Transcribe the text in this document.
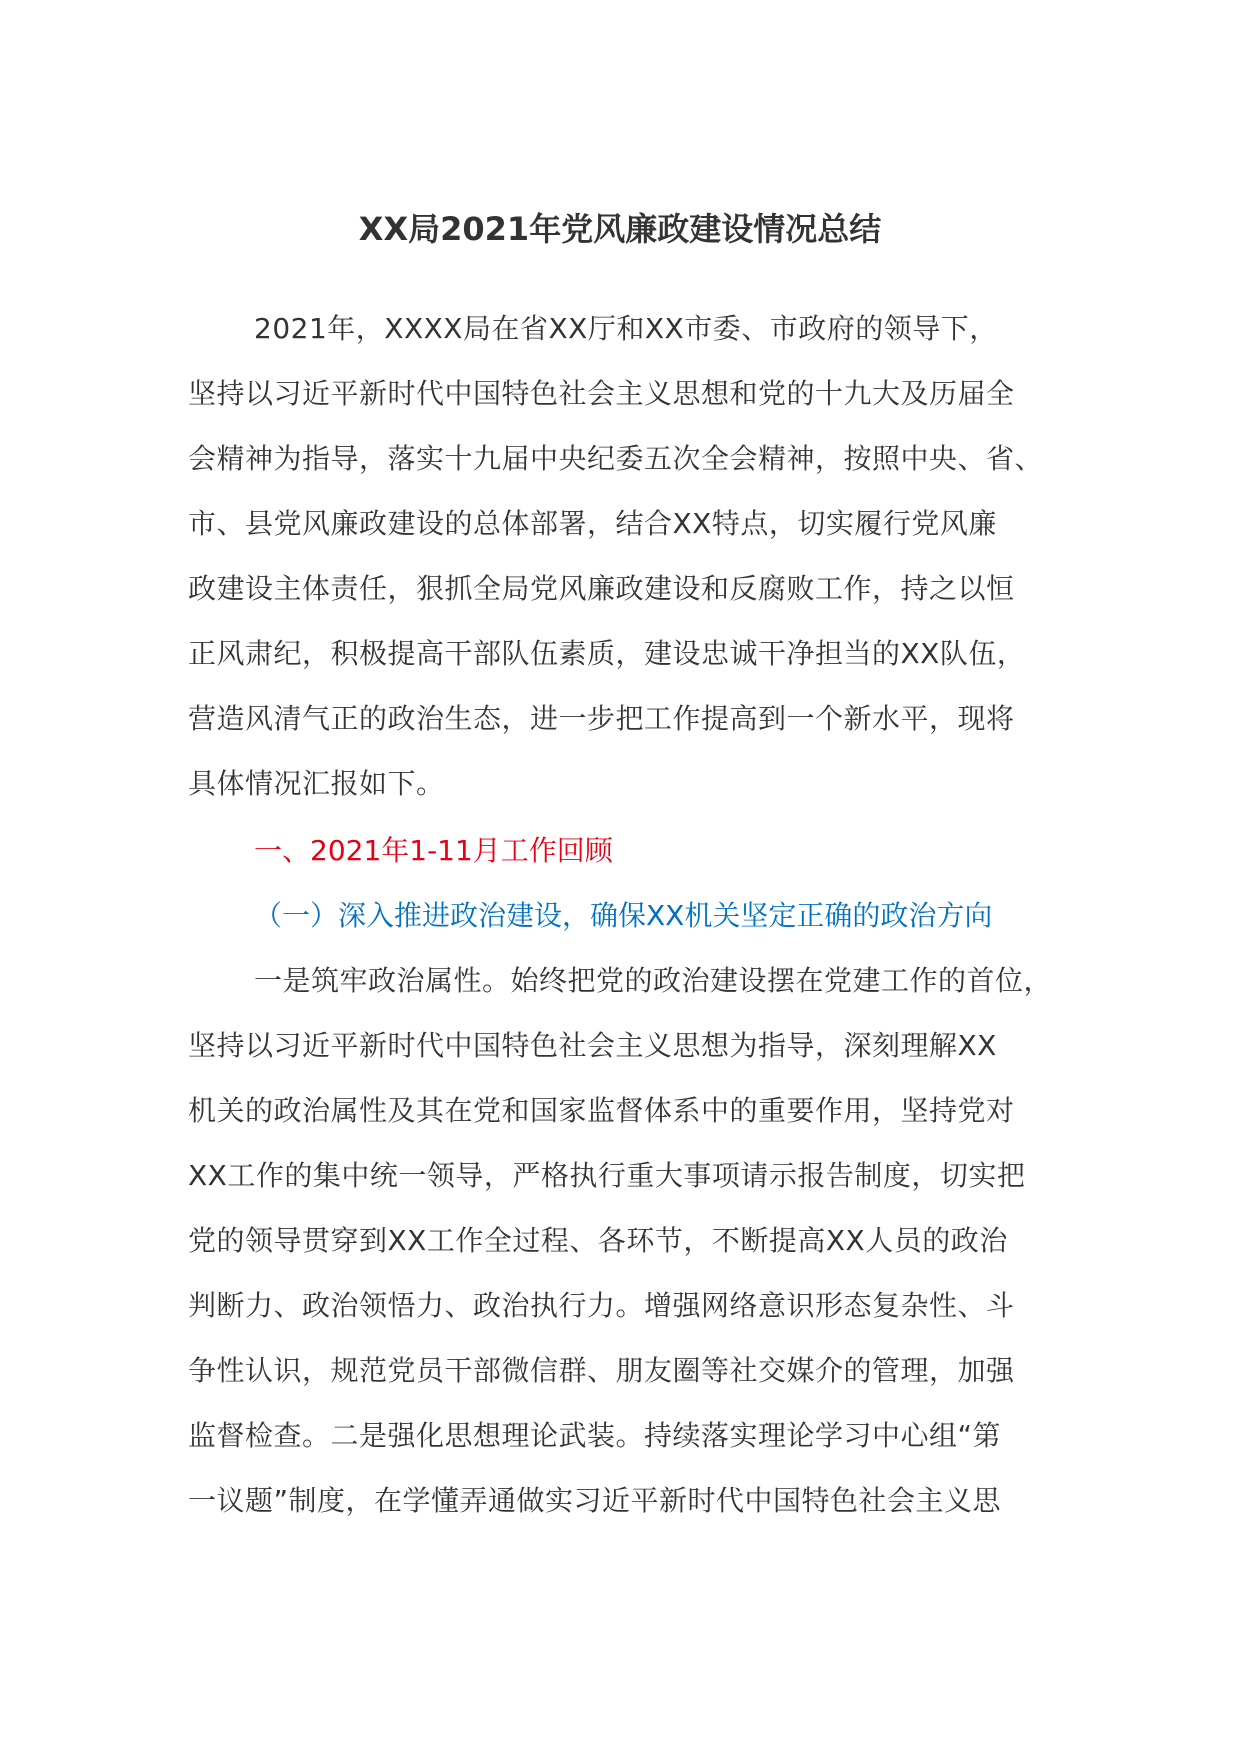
XX局2021年党风廉政建设情况总结
2021年，XXXX局在省XX厅和XX市委、市政府的领导下，
坚持以习近平新时代中国特色社会主义思想和党的十九大及历届全
会精神为指导，落实十九届中央纪委五次全会精神，按照中央、省、
市、县党风廉政建设的总体部署，结合XX特点，切实履行党风廉
政建设主体责任，狠抓全局党风廉政建设和反腐败工作，持之以恒
正风肃纪，积极提高干部队伍素质，建设忠诚干净担当的XX队伍，
营造风清气正的政治生态，进一步把工作提高到一个新水平，现将
具体情况汇报如下。
一、2021年1-11月工作回顾
（一）深入推进政治建设，确保XX机关坚定正确的政治方向
一是筑牢政治属性。始终把党的政治建设摆在党建工作的首位，
坚持以习近平新时代中国特色社会主义思想为指导，深刻理解XX
机关的政治属性及其在党和国家监督体系中的重要作用，坚持党对
XX工作的集中统一领导，严格执行重大事项请示报告制度，切实把
党的领导贯穿到XX工作全过程、各环节，不断提高XX人员的政治
判断力、政治领悟力、政治执行力。增强网络意识形态复杂性、斗
争性认识，规范党员干部微信群、朋友圈等社交媒介的管理，加强
监督检查。二是强化思想理论武装。持续落实理论学习中心组“第
一议题”制度，在学懂弄通做实习近平新时代中国特色社会主义思
